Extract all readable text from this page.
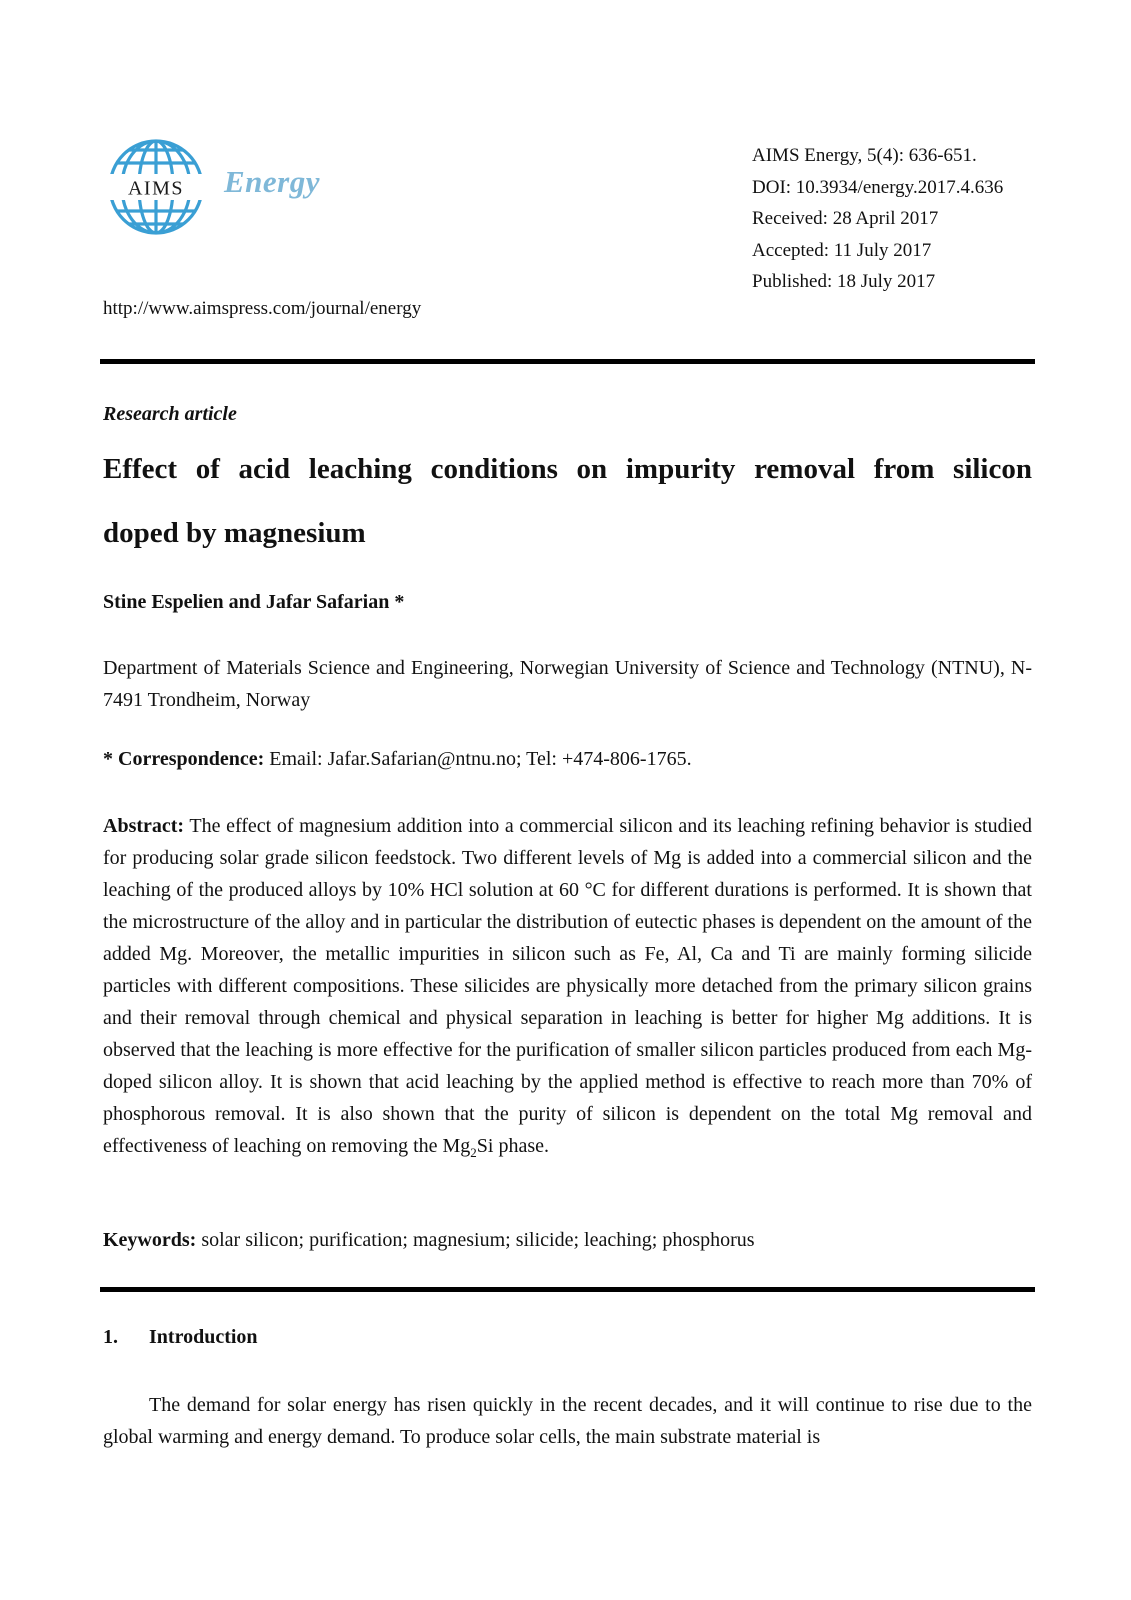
AIMS Energy
http://www.aimspress.com/journal/energy
AIMS Energy, 5(4): 636-651.
DOI: 10.3934/energy.2017.4.636
Received: 28 April 2017
Accepted: 11 July 2017
Published: 18 July 2017
Research article
Effect of acid leaching conditions on impurity removal from silicon
doped by magnesium
Stine Espelien and Jafar Safarian *
Department of Materials Science and Engineering, Norwegian University of Science and Technology (NTNU), N-7491 Trondheim, Norway
* Correspondence: Email: Jafar.Safarian@ntnu.no; Tel: +474-806-1765.
Abstract: The effect of magnesium addition into a commercial silicon and its leaching refining behavior is studied for producing solar grade silicon feedstock. Two different levels of Mg is added into a commercial silicon and the leaching of the produced alloys by 10% HCl solution at 60 °C for different durations is performed. It is shown that the microstructure of the alloy and in particular the distribution of eutectic phases is dependent on the amount of the added Mg. Moreover, the metallic impurities in silicon such as Fe, Al, Ca and Ti are mainly forming silicide particles with different compositions. These silicides are physically more detached from the primary silicon grains and their removal through chemical and physical separation in leaching is better for higher Mg additions. It is observed that the leaching is more effective for the purification of smaller silicon particles produced from each Mg-doped silicon alloy. It is shown that acid leaching by the applied method is effective to reach more than 70% of phosphorous removal. It is also shown that the purity of silicon is dependent on the total Mg removal and effectiveness of leaching on removing the $Mg_2Si$ phase.
Keywords: solar silicon; purification; magnesium; silicide; leaching; phosphorus
1. Introduction
The demand for solar energy has risen quickly in the recent decades, and it will continue to rise due to the global warming and energy demand. To produce solar cells, the main substrate material is
